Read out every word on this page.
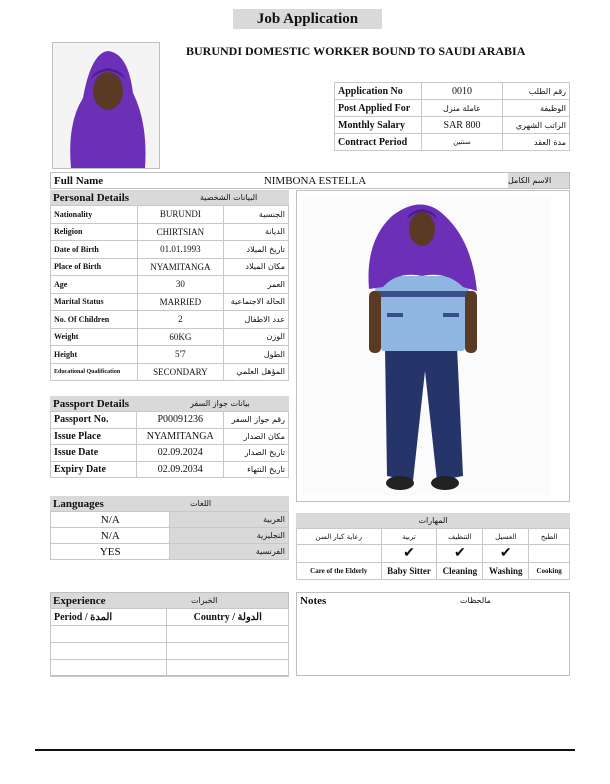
Job Application
BURUNDI DOMESTIC WORKER BOUND TO SAUDI ARABIA
Application No	0010	رقم الطلب
Post Applied For	عاملة منزل	الوظيفة
Monthly Salary	SAR 800	الراتب الشهري
Contract Period	سنتين	مدة العقد
Full Name	NIMBONA ESTELLA	الاسم الكامل
Personal Details	البيانات الشخصية
Nationality	BURUNDI	الجنسية
Religion	CHIRTSIAN	الديانة
Date of Birth	01.01.1993	تاريخ الميلاد
Place of Birth	NYAMITANGA	مكان الميلاد
Age	30	العمر
Marital Status	MARRIED	الحالة الاجتماعية
No. Of Children	2	عدد الاطفال
Weight	60KG	الوزن
Height	5'7	الطول
Educational Qualification	SECONDARY	المؤهل العلمي
Passport Details	بيانات جواز السفر
Passport No.	P00091236	رقم جواز السفر
Issue Place	NYAMITANGA	مكان الصدار
Issue Date	02.09.2024	تاريخ الصدار
Expiry Date	02.09.2034	تاريخ النتهاء
Languages	اللغات
N/A	العربية
N/A	النجليزية
YES	الفرنسية
المهارات
رعاية كبار السن	تربية	التنظيف	الغسيل	الطبخ
	✔	✔	✔	
Care of the Elderly	Baby Sitter	Cleaning	Washing	Cooking
Experience	الخبرات
Period / المدة	Country / الدولة

Notes	مالحظات
